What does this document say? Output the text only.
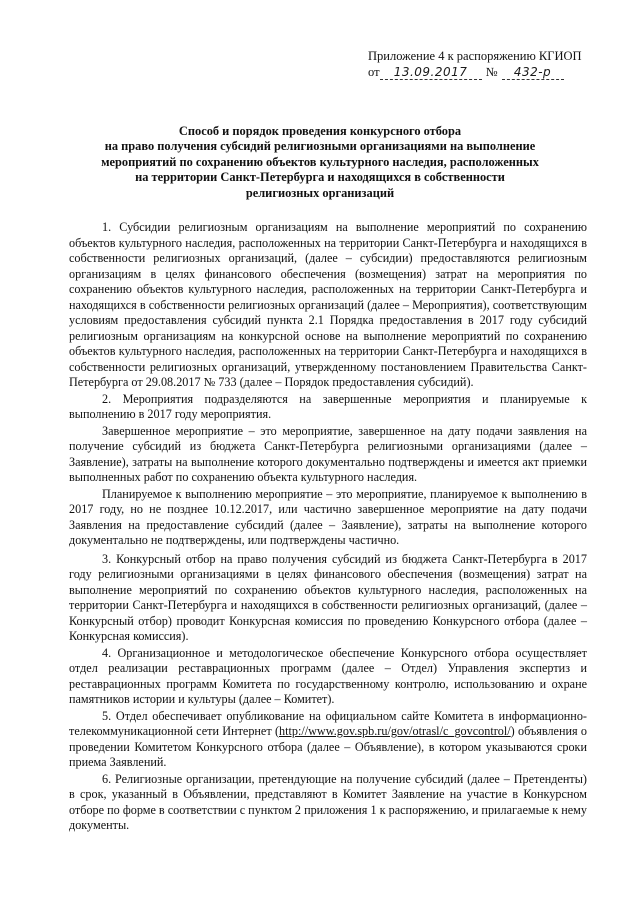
Приложение 4 к распоряжению КГИОП
от	13.09.2017	№	432-р
Способ и порядок проведения конкурсного отбора
на право получения субсидий религиозными организациями на выполнение
мероприятий по сохранению объектов культурного наследия, расположенных
на территории Санкт-Петербурга и находящихся в собственности
религиозных организаций

1. Субсидии религиозным организациям на выполнение мероприятий по сохранению объектов культурного наследия, расположенных на территории Санкт-Петербурга и находящихся в собственности религиозных организаций, (далее – субсидии) предоставляются религиозным организациям в целях финансового обеспечения (возмещения) затрат на мероприятия по сохранению объектов культурного наследия, расположенных на территории Санкт-Петербурга и находящихся в собственности религиозных организаций (далее – Мероприятия), соответствующим условиям предоставления субсидий пункта 2.1 Порядка предоставления в 2017 году субсидий религиозным организациям на конкурсной основе на выполнение мероприятий по сохранению объектов культурного наследия, расположенных на территории Санкт-Петербурга и находящихся в собственности религиозных организаций, утвержденному постановлением Правительства Санкт-Петербурга от 29.08.2017 № 733 (далее – Порядок предоставления субсидий).

2. Мероприятия подразделяются на завершенные мероприятия и планируемые к выполнению в 2017 году мероприятия.

Завершенное мероприятие – это мероприятие, завершенное на дату подачи заявления на получение субсидий из бюджета Санкт-Петербурга религиозными организациями (далее – Заявление), затраты на выполнение которого документально подтверждены и имеется акт приемки выполненных работ по сохранению объекта культурного наследия.

Планируемое к выполнению мероприятие – это мероприятие, планируемое к выполнению в 2017 году, но не позднее 10.12.2017, или частично завершенное мероприятие на дату подачи Заявления на предоставление субсидий (далее – Заявление), затраты на выполнение которого документально не подтверждены, или подтверждены частично.

3. Конкурсный отбор на право получения субсидий из бюджета Санкт-Петербурга в 2017 году религиозными организациями в целях финансового обеспечения (возмещения) затрат на выполнение мероприятий по сохранению объектов культурного наследия, расположенных на территории Санкт-Петербурга и находящихся в собственности религиозных организаций, (далее – Конкурсный отбор) проводит Конкурсная комиссия по проведению Конкурсного отбора (далее – Конкурсная комиссия).

4. Организационное и методологическое обеспечение Конкурсного отбора осуществляет отдел реализации реставрационных программ (далее – Отдел) Управления экспертиз и реставрационных программ Комитета по государственному контролю, использованию и охране памятников истории и культуры (далее – Комитет).

5. Отдел обеспечивает опубликование на официальном сайте Комитета в информационно-телекоммуникационной сети Интернет (http://www.gov.spb.ru/gov/otrasl/c_govcontrol/) объявления о проведении Комитетом Конкурсного отбора (далее – Объявление), в котором указываются сроки приема Заявлений.

6. Религиозные организации, претендующие на получение субсидий (далее – Претенденты) в срок, указанный в Объявлении, представляют в Комитет Заявление на участие в Конкурсном отборе по форме в соответствии с пунктом 2 приложения 1 к распоряжению, и прилагаемые к нему документы.
